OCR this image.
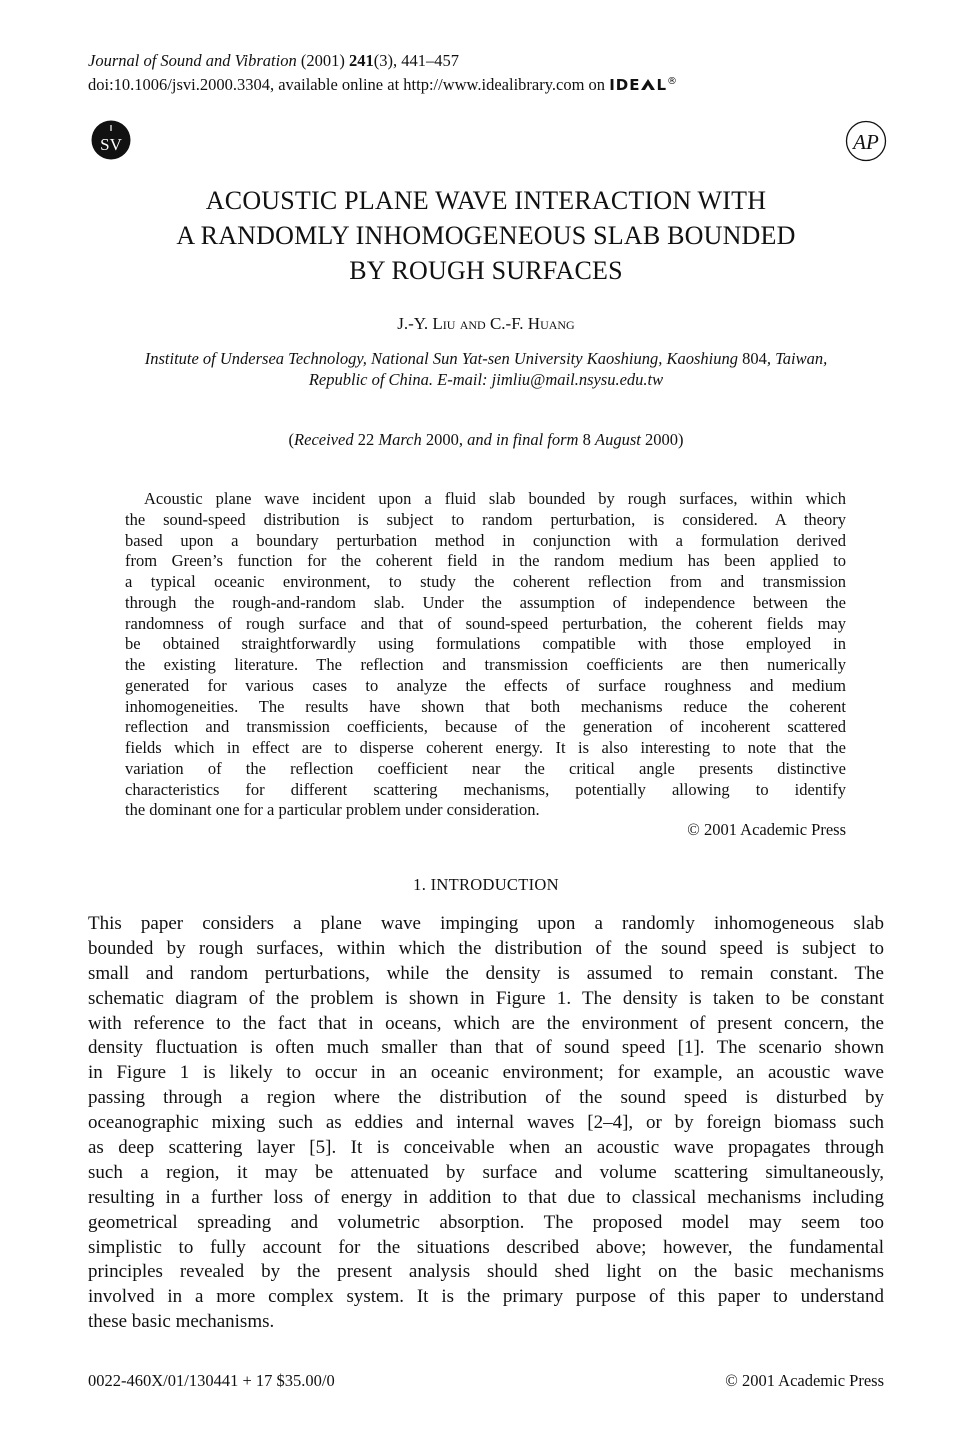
Journal of Sound and Vibration (2001) 241(3), 441–457
doi:10.1006/jsvi.2000.3304, available online at http://www.idealibrary.com on IDE L®
SV	AP
ACOUSTIC PLANE WAVE INTERACTION WITH
A RANDOMLY INHOMOGENEOUS SLAB BOUNDED
BY ROUGH SURFACES
J.-Y. Liu and C.-F. Huang
Institute of Undersea Technology, National Sun Yat-sen University Kaoshiung, Kaoshiung 804, Taiwan,
Republic of China. E-mail: jimliu@mail.nsysu.edu.tw
(Received 22 March 2000, and in final form 8 August 2000)
Acoustic plane wave incident upon a fluid slab bounded by rough surfaces, within which
the sound-speed distribution is subject to random perturbation, is considered. A theory
based upon a boundary perturbation method in conjunction with a formulation derived
from Green’s function for the coherent field in the random medium has been applied to
a typical oceanic environment, to study the coherent reflection from and transmission
through the rough-and-random slab. Under the assumption of independence between the
randomness of rough surface and that of sound-speed perturbation, the coherent fields may
be obtained straightforwardly using formulations compatible with those employed in
the existing literature. The reflection and transmission coefficients are then numerically
generated for various cases to analyze the effects of surface roughness and medium
inhomogeneities. The results have shown that both mechanisms reduce the coherent
reflection and transmission coefficients, because of the generation of incoherent scattered
fields which in effect are to disperse coherent energy. It is also interesting to note that the
variation of the reflection coefficient near the critical angle presents distinctive
characteristics for different scattering mechanisms, potentially allowing to identify
the dominant one for a particular problem under consideration.
© 2001 Academic Press
1. INTRODUCTION
This paper considers a plane wave impinging upon a randomly inhomogeneous slab
bounded by rough surfaces, within which the distribution of the sound speed is subject to
small and random perturbations, while the density is assumed to remain constant. The
schematic diagram of the problem is shown in Figure 1. The density is taken to be constant
with reference to the fact that in oceans, which are the environment of present concern, the
density fluctuation is often much smaller than that of sound speed [1]. The scenario shown
in Figure 1 is likely to occur in an oceanic environment; for example, an acoustic wave
passing through a region where the distribution of the sound speed is disturbed by
oceanographic mixing such as eddies and internal waves [2–4], or by foreign biomass such
as deep scattering layer [5]. It is conceivable when an acoustic wave propagates through
such a region, it may be attenuated by surface and volume scattering simultaneously,
resulting in a further loss of energy in addition to that due to classical mechanisms including
geometrical spreading and volumetric absorption. The proposed model may seem too
simplistic to fully account for the situations described above; however, the fundamental
principles revealed by the present analysis should shed light on the basic mechanisms
involved in a more complex system. It is the primary purpose of this paper to understand
these basic mechanisms.
0022-460X/01/130441 + 17 $35.00/0	© 2001 Academic Press
